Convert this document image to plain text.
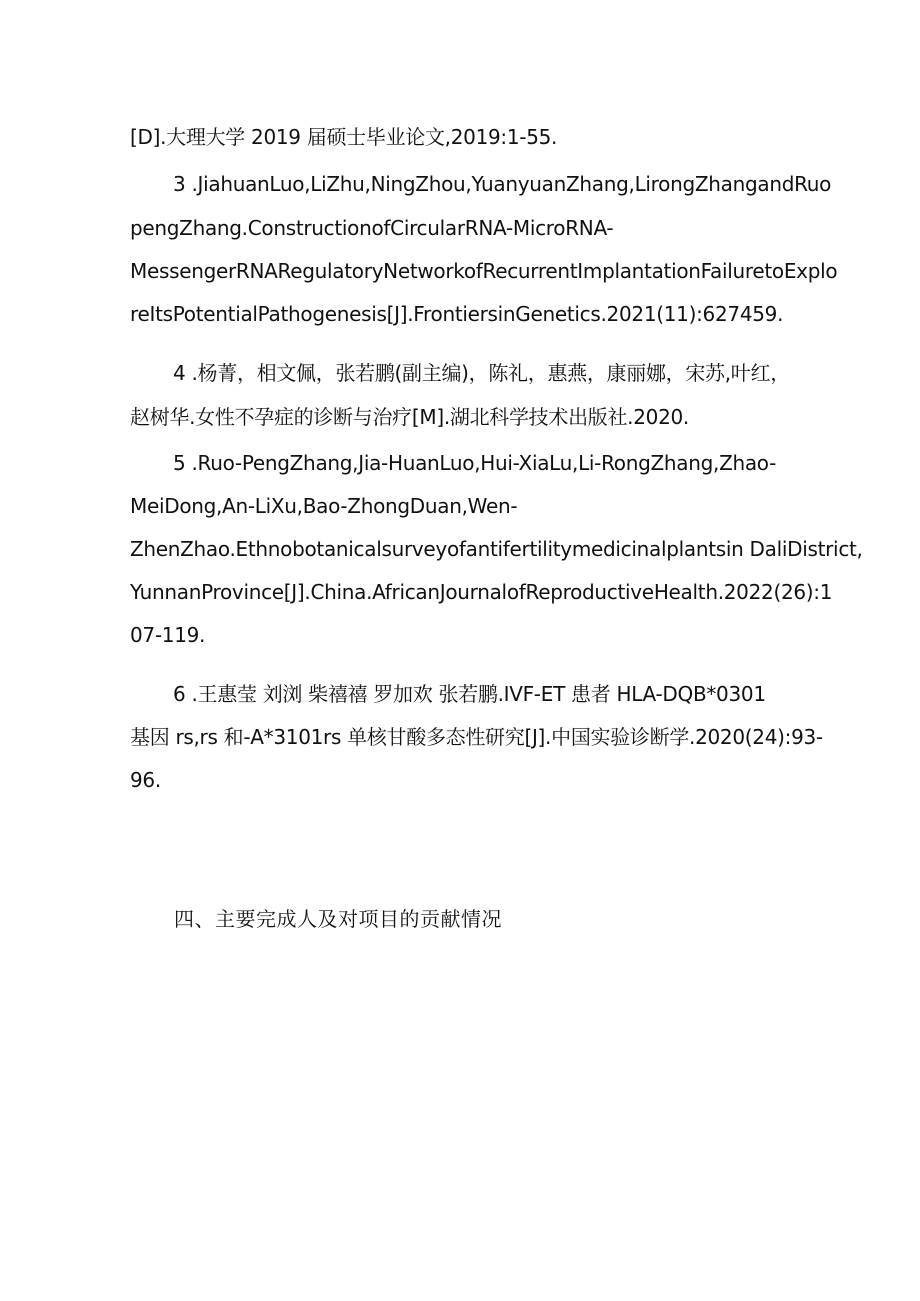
[D].大理大学 2019 届硕士毕业论文,2019:1-55.
3 .JiahuanLuo,LiZhu,NingZhou,YuanyuanZhang,LirongZhangandRuo
pengZhang.ConstructionofCircularRNA-MicroRNA-
MessengerRNARegulatoryNetworkofRecurrentImplantationFailuretoExplo
reItsPotentialPathogenesis[J].FrontiersinGenetics.2021(11):627459.
4 .杨菁，相文佩，张若鹏(副主编)，陈礼，惠燕，康丽娜，宋苏,叶红，
赵树华.女性不孕症的诊断与治疗[M].湖北科学技术出版社.2020.
5 .Ruo-PengZhang,Jia-HuanLuo,Hui-XiaLu,Li-RongZhang,Zhao-
MeiDong,An-LiXu,Bao-ZhongDuan,Wen-
ZhenZhao.Ethnobotanicalsurveyofantifertilitymedicinalplantsin DaliDistrict,
YunnanProvince[J].China.AfricanJournalofReproductiveHealth.2022(26):1
07-119.
6 .王惠莹 刘浏 柴禧禧 罗加欢 张若鹏.IVF-ET 患者 HLA-DQB*0301
基因 rs,rs 和-A*3101rs 单核甘酸多态性研究[J].中国实验诊断学.2020(24):93-
96.
四、主要完成人及对项目的贡献情况
